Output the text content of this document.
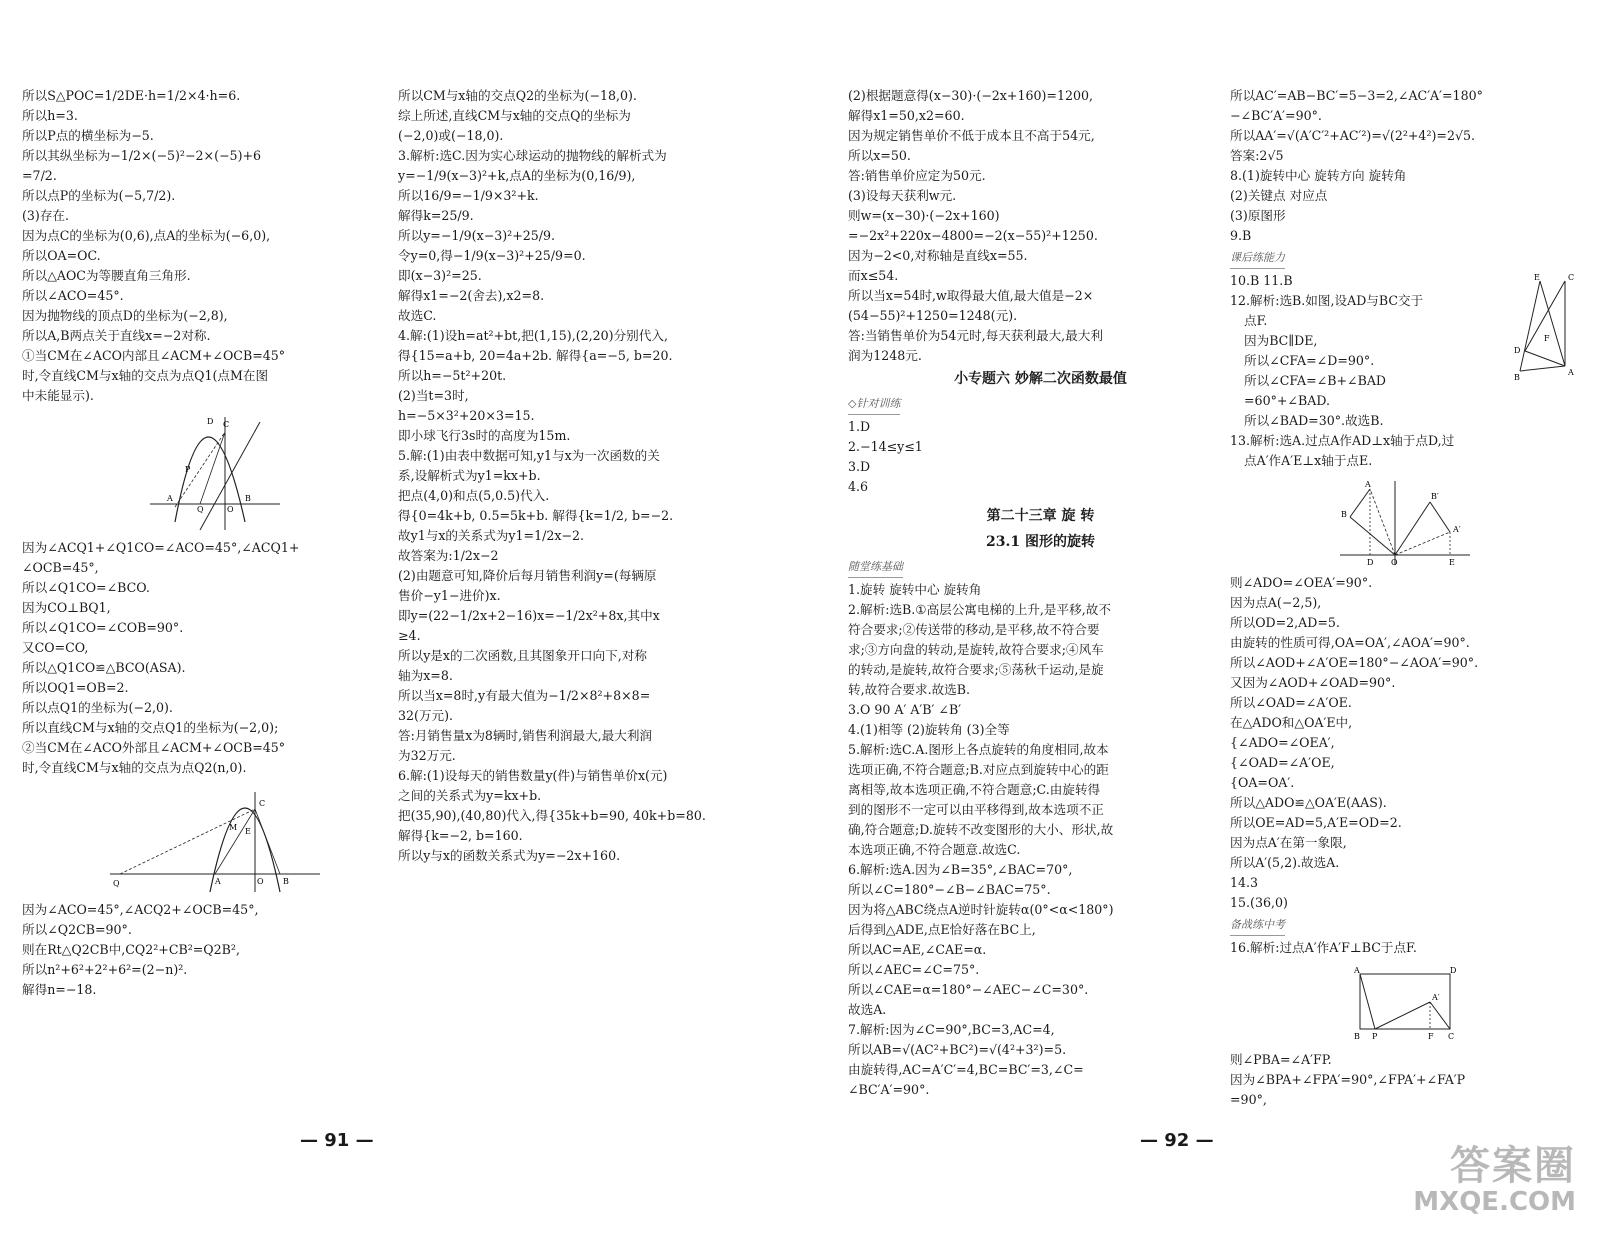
所以S△POC=1/2DE·h=1/2×4·h=6.
所以h=3.
所以P点的横坐标为−5.
所以其纵坐标为−1/2×(−5)²−2×(−5)+6
=7/2.
所以点P的坐标为(−5,7/2).
(3)存在.
因为点C的坐标为(0,6),点A的坐标为(−6,0),
所以OA=OC.
所以△AOC为等腰直角三角形.
所以∠ACO=45°.
因为抛物线的顶点D的坐标为(−2,8),
所以A,B两点关于直线x=−2对称.
①当CM在∠ACO内部且∠ACM+∠OCB=45°
时,令直线CM与x轴的交点为点Q1(点M在图
中未能显示).
A	B
C
D
P
O
Q
因为∠ACQ1+∠Q1CO=∠ACO=45°,∠ACQ1+
∠OCB=45°,
所以∠Q1CO=∠BCO.
因为CO⊥BQ1,
所以∠Q1CO=∠COB=90°.
又CO=CO,
所以△Q1CO≌△BCO(ASA).
所以OQ1=OB=2.
所以点Q1的坐标为(−2,0).
所以直线CM与x轴的交点Q1的坐标为(−2,0);
②当CM在∠ACO外部且∠ACM+∠OCB=45°
时,令直线CM与x轴的交点为点Q2(n,0).
Q	A	B
C
E
M
O
因为∠ACO=45°,∠ACQ2+∠OCB=45°,
所以∠Q2CB=90°.
则在Rt△Q2CB中,CQ2²+CB²=Q2B²,
所以n²+6²+2²+6²=(2−n)².
解得n=−18.
所以CM与x轴的交点Q2的坐标为(−18,0).
综上所述,直线CM与x轴的交点Q的坐标为
(−2,0)或(−18,0).
3.解析:选C.因为实心球运动的抛物线的解析式为
y=−1/9(x−3)²+k,点A的坐标为(0,16/9),
所以16/9=−1/9×3²+k.
解得k=25/9.
所以y=−1/9(x−3)²+25/9.
令y=0,得−1/9(x−3)²+25/9=0.
即(x−3)²=25.
解得x1=−2(舍去),x2=8.
故选C.
4.解:(1)设h=at²+bt,把(1,15),(2,20)分别代入,
得{15=a+b, 20=4a+2b. 解得{a=−5, b=20.
所以h=−5t²+20t.
(2)当t=3时,
h=−5×3²+20×3=15.
即小球飞行3s时的高度为15m.
5.解:(1)由表中数据可知,y1与x为一次函数的关
系,设解析式为y1=kx+b.
把点(4,0)和点(5,0.5)代入.
得{0=4k+b, 0.5=5k+b. 解得{k=1/2, b=−2.
故y1与x的关系式为y1=1/2x−2.
故答案为:1/2x−2
(2)由题意可知,降价后每月销售利润y=(每辆原
售价−y1−进价)x.
即y=(22−1/2x+2−16)x=−1/2x²+8x,其中x
≥4.
所以y是x的二次函数,且其图象开口向下,对称
轴为x=8.
所以当x=8时,y有最大值为−1/2×8²+8×8=
32(万元).
答:月销售量x为8辆时,销售利润最大,最大利润
为32万元.
6.解:(1)设每天的销售数量y(件)与销售单价x(元)
之间的关系式为y=kx+b.
把(35,90),(40,80)代入,得{35k+b=90, 40k+b=80.
解得{k=−2, b=160.
所以y与x的函数关系式为y=−2x+160.
(2)根据题意得(x−30)·(−2x+160)=1200,
解得x1=50,x2=60.
因为规定销售单价不低于成本且不高于54元,
所以x=50.
答:销售单价应定为50元.
(3)设每天获利w元.
则w=(x−30)·(−2x+160)
=−2x²+220x−4800=−2(x−55)²+1250.
因为−2<0,对称轴是直线x=55.
而x≤54.
所以当x=54时,w取得最大值,最大值是−2×
(54−55)²+1250=1248(元).
答:当销售单价为54元时,每天获利最大,最大利
润为1248元.
小专题六 妙解二次函数最值
◇针对训练
1.D
2.−14≤y≤1
3.D
4.6
第二十三章 旋 转
23.1 图形的旋转
随堂练基础
1.旋转 旋转中心 旋转角
2.解析:选B.①高层公寓电梯的上升,是平移,故不
符合要求;②传送带的移动,是平移,故不符合要
求;③方向盘的转动,是旋转,故符合要求;④风车
的转动,是旋转,故符合要求;⑤荡秋千运动,是旋
转,故符合要求.故选B.
3.O 90 A′ A′B′ ∠B′
4.(1)相等 (2)旋转角 (3)全等
5.解析:选C.A.图形上各点旋转的角度相同,故本
选项正确,不符合题意;B.对应点到旋转中心的距
离相等,故本选项正确,不符合题意;C.由旋转得
到的图形不一定可以由平移得到,故本选项不正
确,符合题意;D.旋转不改变图形的大小、形状,故
本选项正确,不符合题意.故选C.
6.解析:选A.因为∠B=35°,∠BAC=70°,
所以∠C=180°−∠B−∠BAC=75°.
因为将△ABC绕点A逆时针旋转α(0°<α<180°)
后得到△ADE,点E恰好落在BC上,
所以AC=AE,∠CAE=α.
所以∠AEC=∠C=75°.
所以∠CAE=α=180°−∠AEC−∠C=30°.
故选A.
7.解析:因为∠C=90°,BC=3,AC=4,
所以AB=√(AC²+BC²)=√(4²+3²)=5.
由旋转得,AC=A′C′=4,BC=BC′=3,∠C=
∠BC′A′=90°.
所以AC′=AB−BC′=5−3=2,∠AC′A′=180°
−∠BC′A′=90°.
所以AA′=√(A′C′²+AC′²)=√(2²+4²)=2√5.
答案:2√5
8.(1)旋转中心 旋转方向 旋转角
(2)关键点 对应点
(3)原图形
9.B
课后练能力
10.B 11.B
12.解析:选B.如图,设AD与BC交于
点F.
因为BC∥DE,
所以∠CFA=∠D=90°.
所以∠CFA=∠B+∠BAD
=60°+∠BAD.
所以∠BAD=30°.故选B.
13.解析:选A.过点A作AD⊥x轴于点D,过
点A′作A′E⊥x轴于点E.
E	C
D
F
B
A
A
B
B′
A′
O
D	E
则∠ADO=∠OEA′=90°.
因为点A(−2,5),
所以OD=2,AD=5.
由旋转的性质可得,OA=OA′,∠AOA′=90°.
所以∠AOD+∠A′OE=180°−∠AOA′=90°.
又因为∠AOD+∠OAD=90°.
所以∠OAD=∠A′OE.
在△ADO和△OA′E中,
{∠ADO=∠OEA′,
{∠OAD=∠A′OE,
{OA=OA′.
所以△ADO≌△OA′E(AAS).
所以OE=AD=5,A′E=OD=2.
因为点A′在第一象限,
所以A′(5,2).故选A.
14.3
15.(36,0)
备战练中考
16.解析:过点A′作A′F⊥BC于点F.
A	D
B P	F C
A′
则∠PBA=∠A′FP.
因为∠BPA+∠FPA′=90°,∠FPA′+∠FA′P
=90°,
— 91 —	— 92 —
答案圈
MXQE.COM
